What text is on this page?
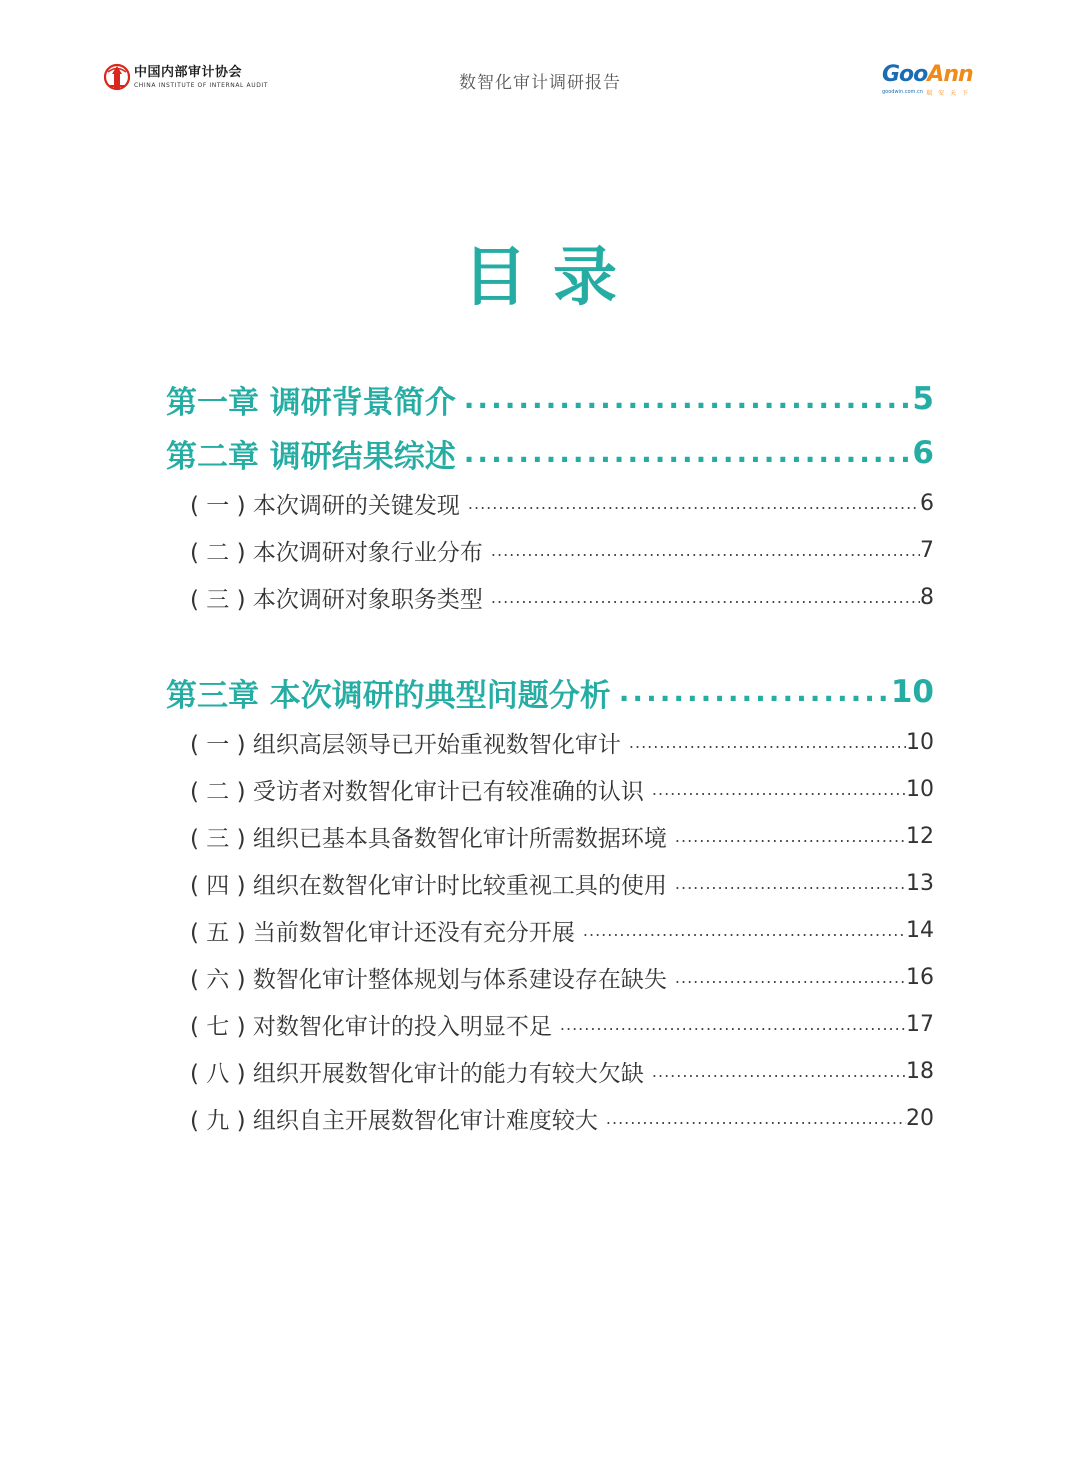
中国内部审计协会
CHINA INSTITUTE OF INTERNAL AUDIT	数智化审计调研报告	GooAnn
goodwin.com.cn 瑞 安 天 下
目录
第一章 调研背景简介 .....	5
第二章 调研结果综述 .....	6
( 一 ) 本次调研的关键发现 .....	6
( 二 ) 本次调研对象行业分布 .....	7
( 三 ) 本次调研对象职务类型 .....	8
第三章 本次调研的典型问题分析 .....	10
( 一 ) 组织高层领导已开始重视数智化审计 .....	10
( 二 ) 受访者对数智化审计已有较准确的认识 .....	10
( 三 ) 组织已基本具备数智化审计所需数据环境 .....	12
( 四 ) 组织在数智化审计时比较重视工具的使用 .....	13
( 五 ) 当前数智化审计还没有充分开展 .....	14
( 六 ) 数智化审计整体规划与体系建设存在缺失 .....	16
( 七 ) 对数智化审计的投入明显不足 .....	17
( 八 ) 组织开展数智化审计的能力有较大欠缺 .....	18
( 九 ) 组织自主开展数智化审计难度较大 .....	20
